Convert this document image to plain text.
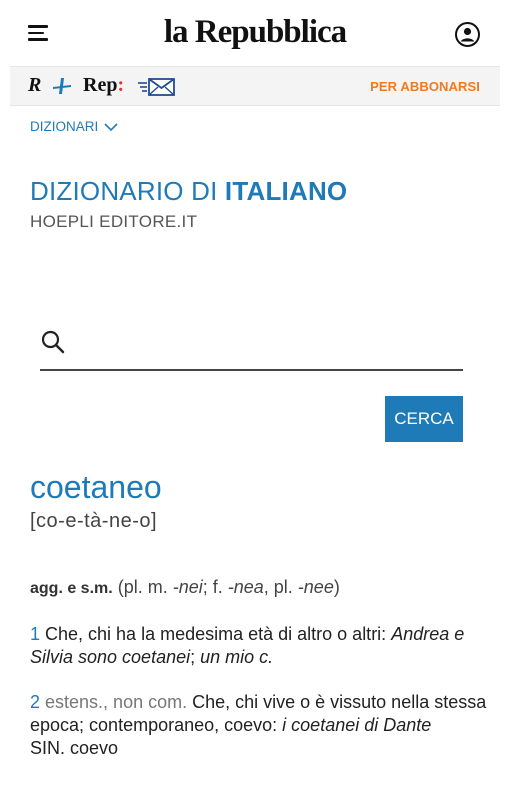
la Repubblica
R Rep:	PER ABBONARSI
DIZIONARI
DIZIONARIO DI ITALIANO
HOEPLI EDITORE.IT
CERCA
coetaneo
[co-e-tà-ne-o]
agg. e s.m. (pl. m. -nei; f. -nea, pl. -nee)
1 Che, chi ha la medesima età di altro o altri: Andrea e Silvia sono coetanei; un mio c.
2 estens., non com. Che, chi vive o è vissuto nella stessa epoca; contemporaneo, coevo: i coetanei di Dante
SIN. coevo
